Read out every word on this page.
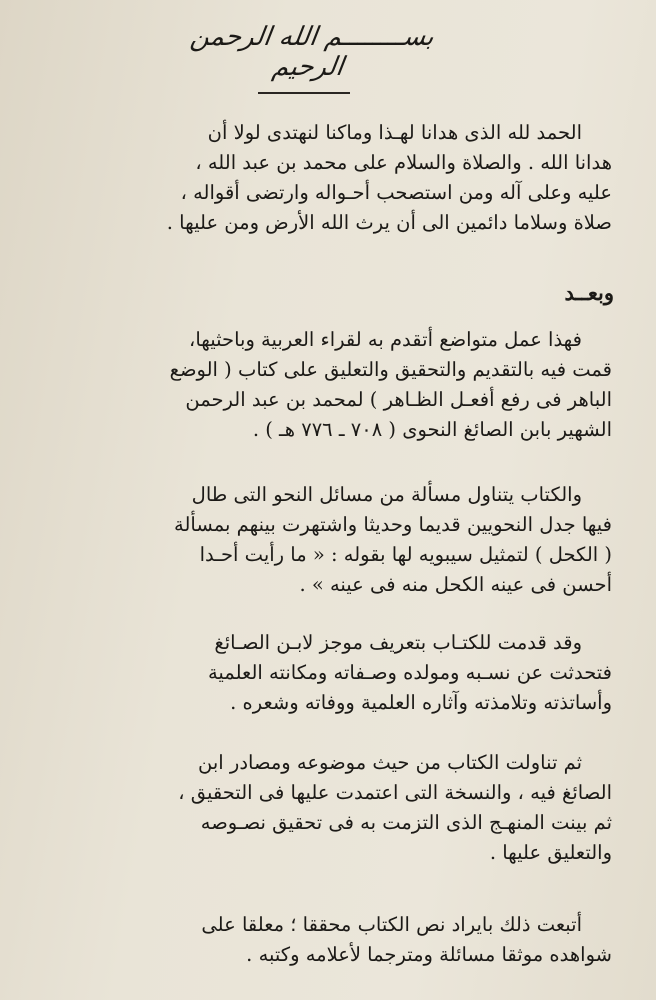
بســــــــم الله الرحمن الرحيم
الحمد لله الذى هدانا لهـذا وماكنا لنهتدى لولا أن
هدانا الله . والصلاة والسلام على محمد بن عبد الله ،
عليه وعلى آله ومن استصحب أحـواله وارتضى أقواله ،
صلاة وسلاما دائمين الى أن يرث الله الأرض ومن عليها .
وبعــد
فهذا عمل متواضع أتقدم به لقراء العربية وباحثيها،
قمت فيه بالتقديم والتحقيق والتعليق على كتاب ( الوضع
الباهر فى رفع أفعـل الظـاهر ) لمحمد بن عبد الرحمن
الشهير بابن الصائغ النحوى ( ٧٠٨ ـ ٧٧٦ هـ ) .
والكتاب يتناول مسألة من مسائل النحو التى طال
فيها جدل النحويين قديما وحديثا واشتهرت بينهم بمسألة
( الكحل ) لتمثيل سيبويه لها بقوله : « ما رأيت أحـدا
أحسن فى عينه الكحل منه فى عينه » .
وقد قدمت للكتـاب بتعريف موجز لابـن الصـائغ
فتحدثت عن نسـبه ومولده وصـفاته ومكانته العلمية
وأساتذته وتلامذته وآثاره العلمية ووفاته وشعره .
ثم تناولت الكتاب من حيث موضوعه ومصادر ابن
الصائغ فيه ، والنسخة التى اعتمدت عليها فى التحقيق ،
ثم بينت المنهـج الذى التزمت به فى تحقيق نصـوصه
والتعليق عليها .
أتبعت ذلك بايراد نص الكتاب محققا ؛ معلقا على
شواهده موثقا مسائلة ومترجما لأعلامه وكتبه .
